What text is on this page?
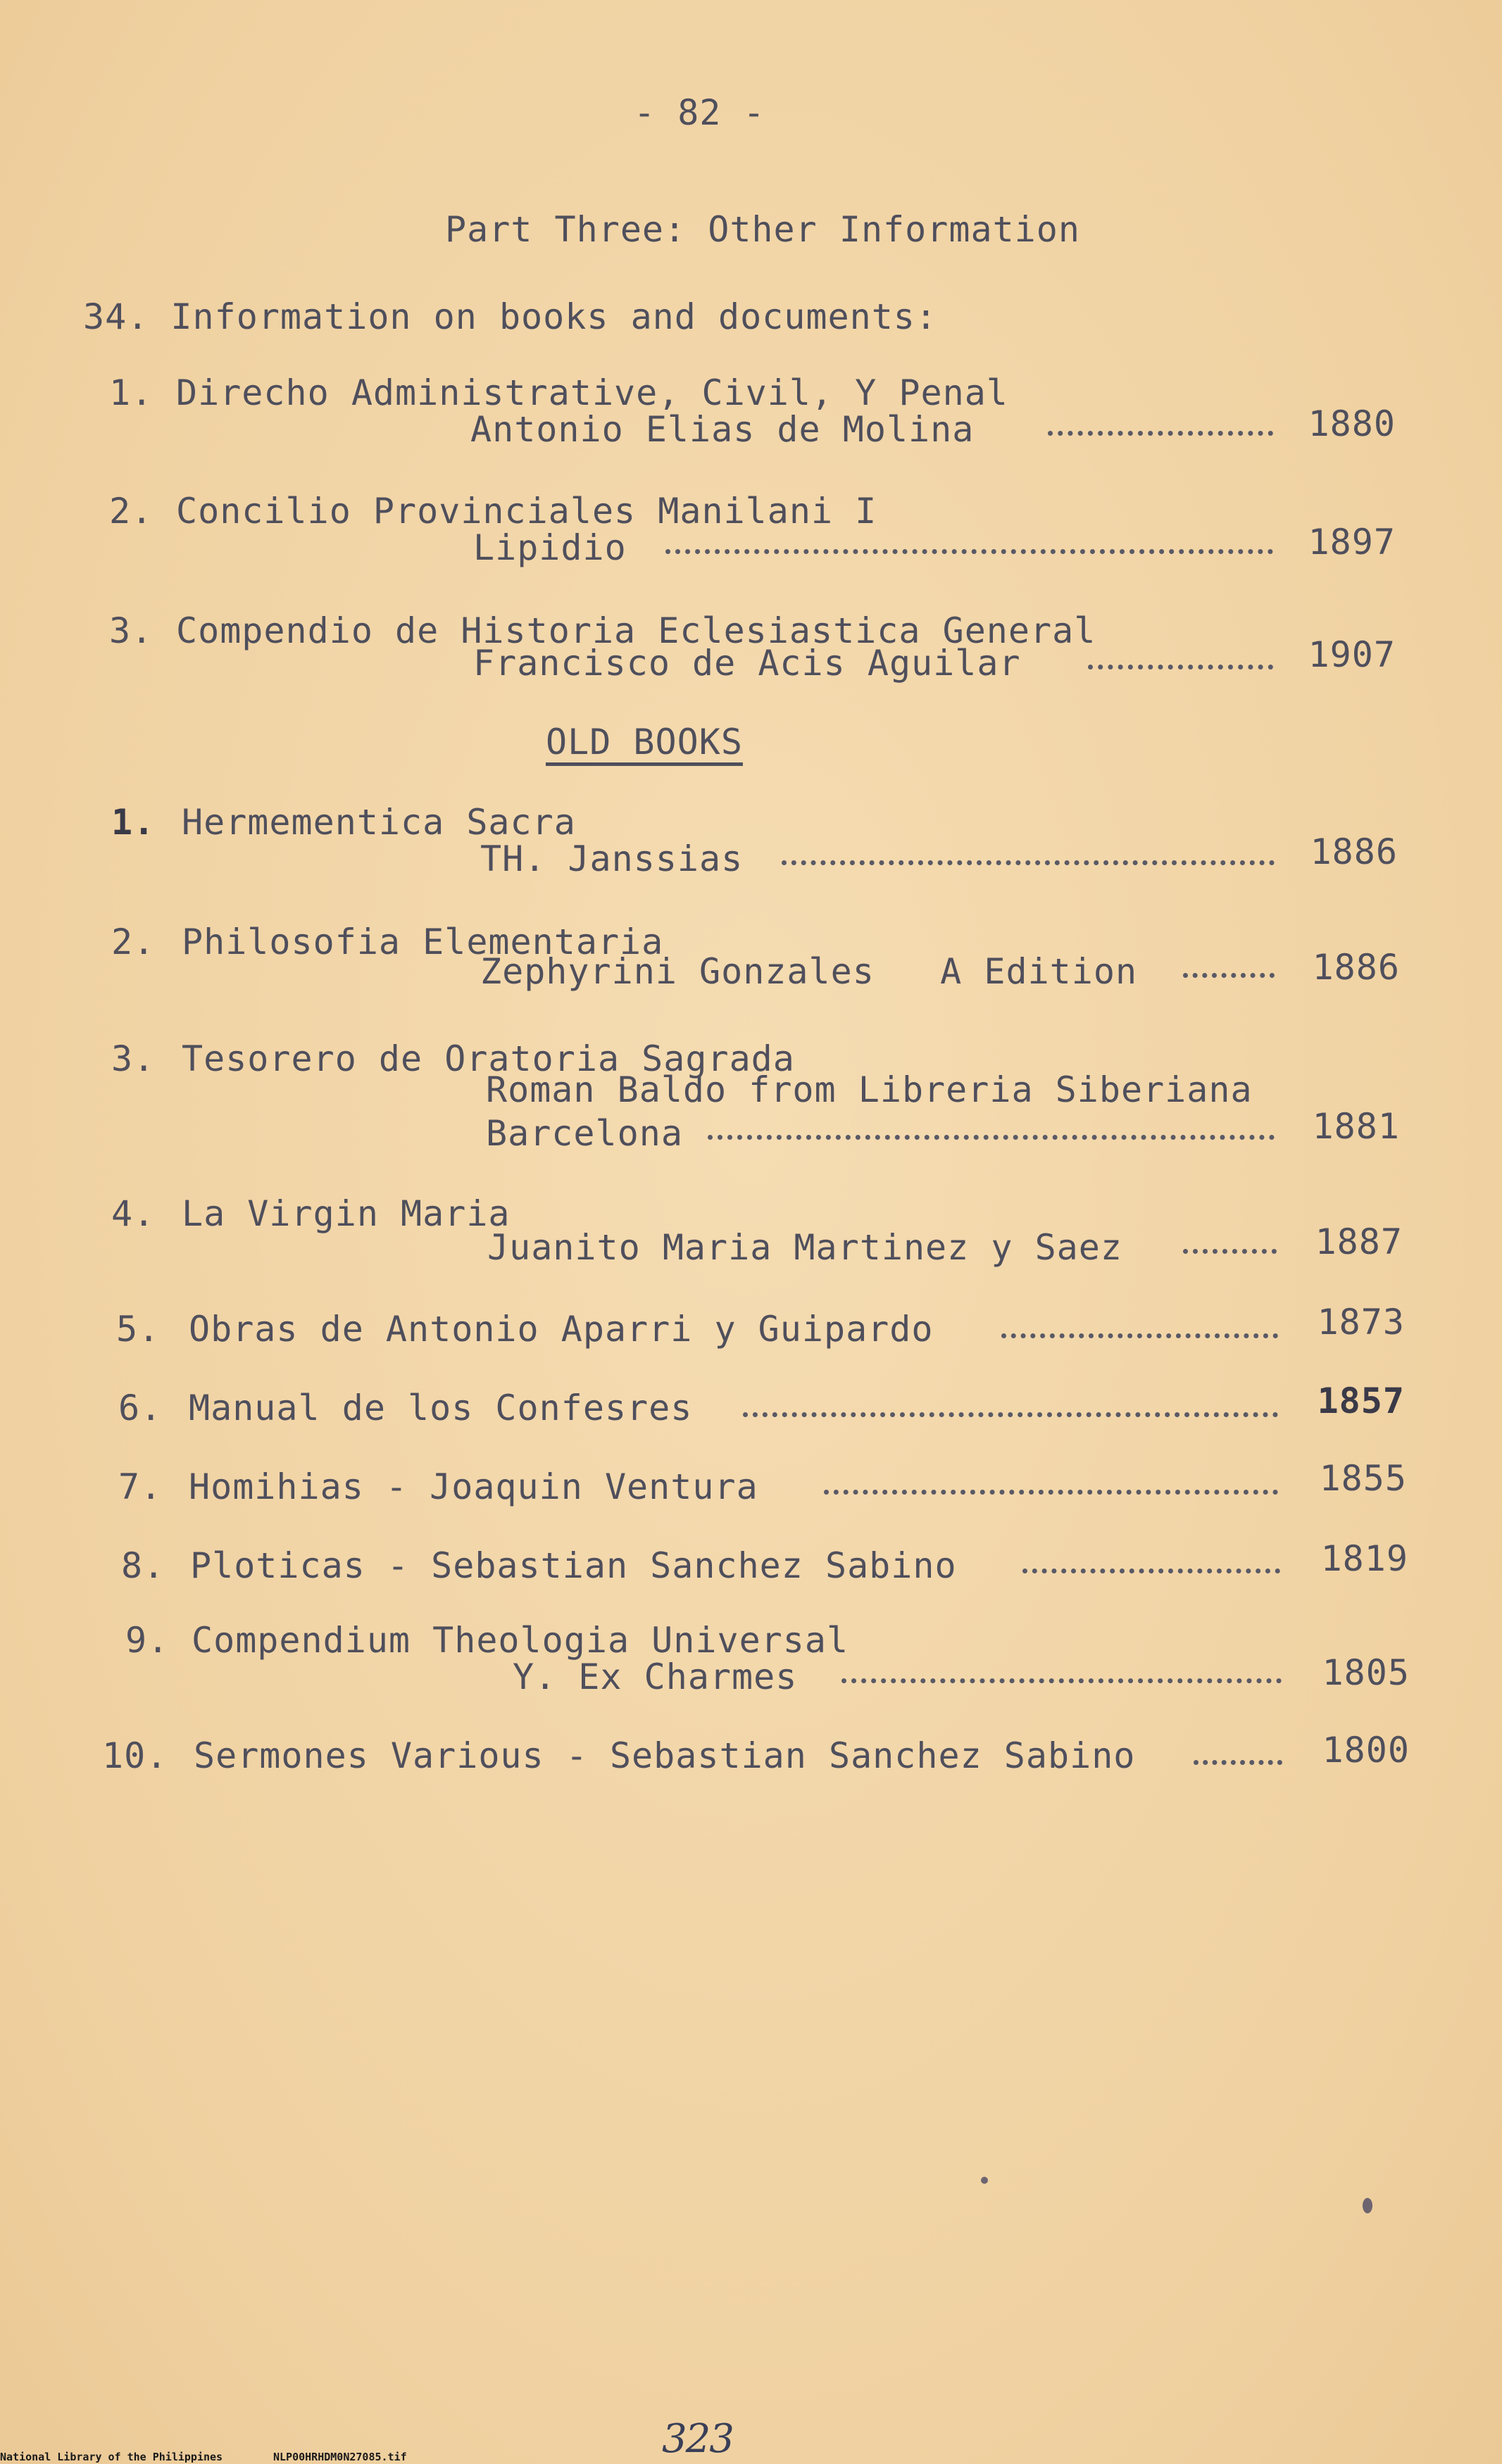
- 82 -
Part Three: Other Information
34. Information on books and documents:
1. Direcho Administrative, Civil, Y Penal
Antonio Elias de Molina	1880
2. Concilio Provinciales Manilani I
Lipidio	1897
3. Compendio de Historia Eclesiastica General
Francisco de Acis Aguilar	1907
OLD BOOKS
1. Hermementica Sacra
TH. Janssias	1886
2. Philosofia Elementaria
Zephyrini Gonzales   A Edition	1886
3. Tesorero de Oratoria Sagrada
Roman Baldo from Libreria Siberiana
Barcelona	1881
4. La Virgin Maria
Juanito Maria Martinez y Saez	1887
5. Obras de Antonio Aparri y Guipardo	1873
6. Manual de los Confesres	1857
7. Homihias - Joaquin Ventura	1855
8. Ploticas - Sebastian Sanchez Sabino	1819
9. Compendium Theologia Universal
Y. Ex Charmes	1805
10. Sermones Various - Sebastian Sanchez Sabino	1800
323
National Library of the Philippines	NLP00HRHDM0N27085.tif
